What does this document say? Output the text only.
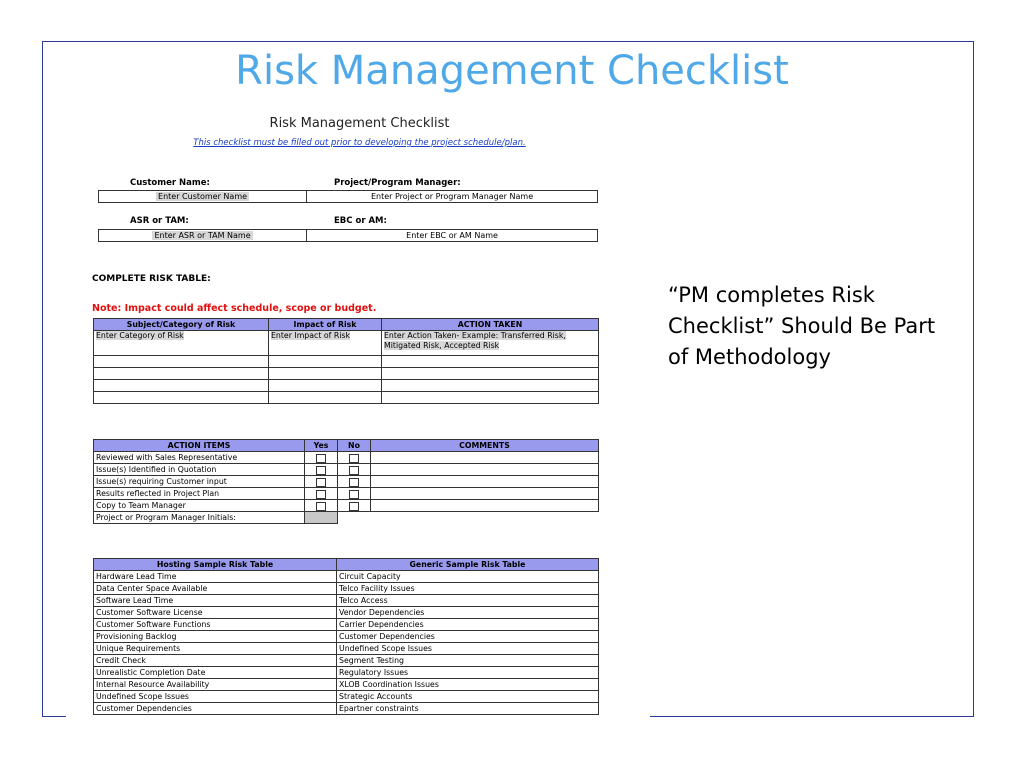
Risk Management Checklist
“PM completes Risk Checklist” Should Be Part of Methodology
Risk Management Checklist
This checklist must be filled out prior to developing the project schedule/plan.
Customer Name:	Project/Program Manager:
Enter Customer Name	Enter Project or Program Manager Name
ASR or TAM:	EBC or AM:
Enter ASR or TAM Name	Enter EBC or AM Name
COMPLETE RISK TABLE:
Note: Impact could affect schedule, scope or budget.
Subject/Category of Risk	Impact of Risk	ACTION TAKEN
Enter Category of Risk	Enter Impact of Risk	Enter Action Taken- Example: Transferred Risk, Mitigated Risk, Accepted Risk

ACTION ITEMS	Yes	No	COMMENTS
Reviewed with Sales Representative			
Issue(s) Identified in Quotation			
Issue(s) requiring Customer input			
Results reflected in Project Plan			
Copy to Team Manager			
Project or Program Manager Initials:			
Hosting Sample Risk Table	Generic Sample Risk Table
Hardware Lead Time	Circuit Capacity
Data Center Space Available	Telco Facility Issues
Software Lead Time	Telco Access
Customer Software License	Vendor Dependencies
Customer Software Functions	Carrier Dependencies
Provisioning Backlog	Customer Dependencies
Unique Requirements	Undefined Scope Issues
Credit Check	Segment Testing
Unrealistic Completion Date	Regulatory Issues
Internal Resource Availability	XLOB Coordination Issues
Undefined Scope Issues	Strategic Accounts
Customer Dependencies	Epartner constraints
